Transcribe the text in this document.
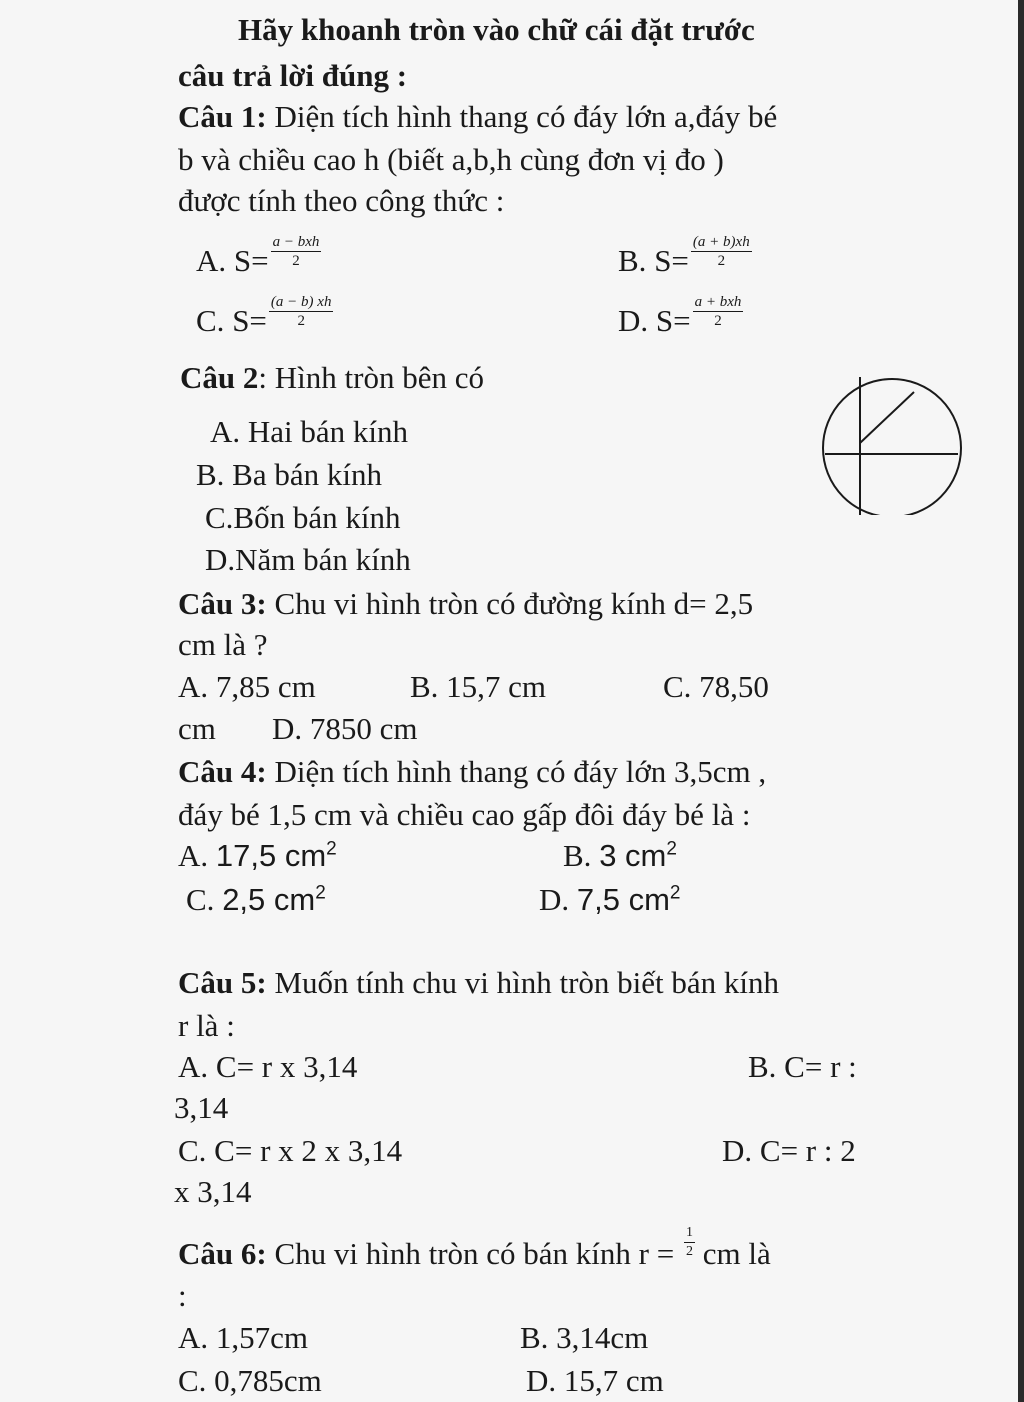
Hãy khoanh tròn vào chữ cái đặt trước
câu trả lời đúng :
Câu 1: Diện tích hình thang có đáy lớn a,đáy bé
b và chiều cao h (biết a,b,h cùng đơn vị đo )
được tính theo công thức :
A. $S= \frac{\text{a − bxh}}{2}$	B. $S= \frac{(a + b)xh}{2}$
C. $S= \frac{(a - b) xh}{2}$	D. $S= \frac{\text{a + bxh}}{2}$
Câu 2: Hình tròn bên có
A. Hai bán kính
B. Ba bán kính
C.Bốn bán kính
D.Năm bán kính
Câu 3: Chu vi hình tròn có đường kính d= 2,5
cm là ?
A. 7,85 cm	B. 15,7 cm	C. 78,50
cm D. 7850 cm
Câu 4: Diện tích hình thang có đáy lớn 3,5cm ,
đáy bé 1,5 cm và chiều cao gấp đôi đáy bé là :
A. 17,5 $cm^2$	B. 3 $cm^2$
C. 2,5 $cm^2$	D. 7,5 $cm^2$
Câu 5: Muốn tính chu vi hình tròn biết bán kính
r là :
A. C= r x 3,14	B. C= r :
3,14
C. C= r x 2 x 3,14	D. C= r : 2
x 3,14
Câu 6: Chu vi hình tròn có bán kính $r = \frac{1}{2}$ cm là
:
A. 1,57cm	B. 3,14cm
C. 0,785cm	D. 15,7 cm
